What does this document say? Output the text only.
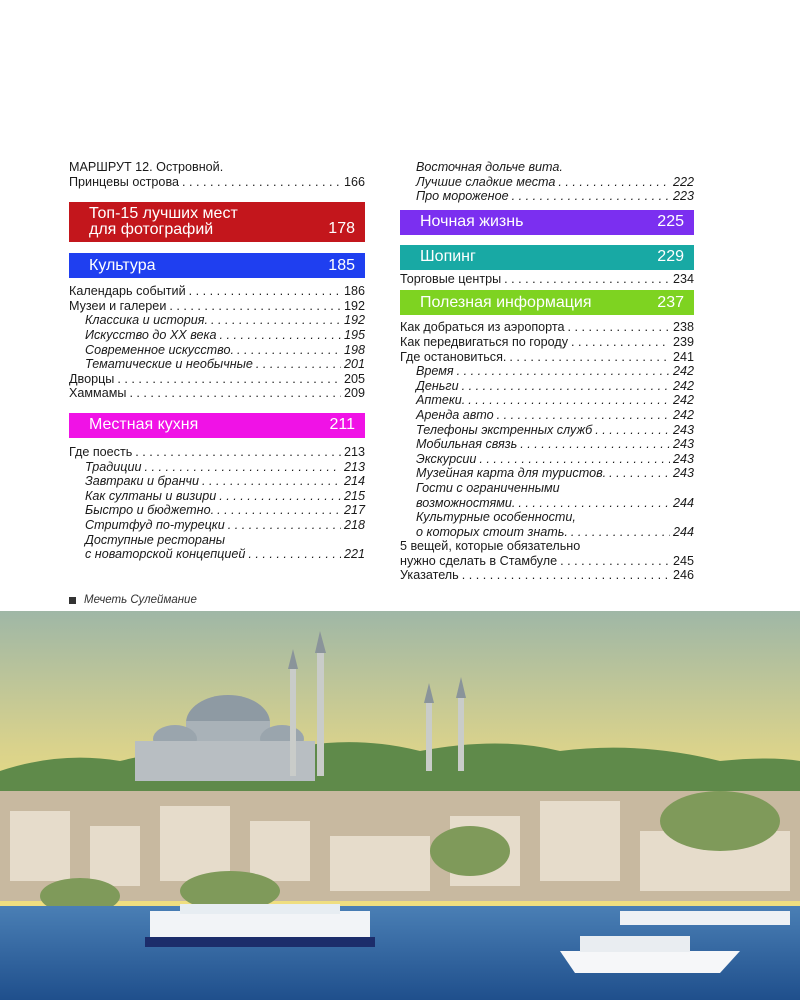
МАРШРУТ 12. Островной.
Принцевы острова . . .	166
Топ-15 лучших мест
для фотографий	178
Культура	185
Календарь событий . . .	186
Музеи и галереи . . .	192
Классика и история. . . .	192
Искусство до XX века . . .	195
Современное искусство. . . .	198
Тематические и необычные . . .	201
Дворцы . . .	205
Хаммамы . . .	209
Местная кухня	211
Где поесть . . .	213
Традиции . . .	213
Завтраки и бранчи . . .	214
Как султаны и визири . . .	215
Быстро и бюджетно. . . .	217
Стритфуд по-турецки . . .	218
Доступные рестораны
с новаторской концепцией . . .	221
Восточная дольче вита.
Лучшие сладкие места . . .	222
Про мороженое . . .	223
Ночная жизнь	225
Шопинг	229
Торговые центры . . .	234
Полезная информация	237
Как добраться из аэропорта . . .	238
Как передвигаться по городу . . .	239
Где остановиться. . . .	241
Время . . .	242
Деньги . . .	242
Аптеки. . . .	242
Аренда авто . . .	242
Телефоны экстренных служб . . .	243
Мобильная связь . . .	243
Экскурсии . . .	243
Музейная карта для туристов. . . .	243
Гости с ограниченными
возможностями. . . .	244
Культурные особенности,
о которых стоит знать. . . .	244
5 вещей, которые обязательно
нужно сделать в Стамбуле . . .	245
Указатель . . .	246
Мечеть Сулеймание
